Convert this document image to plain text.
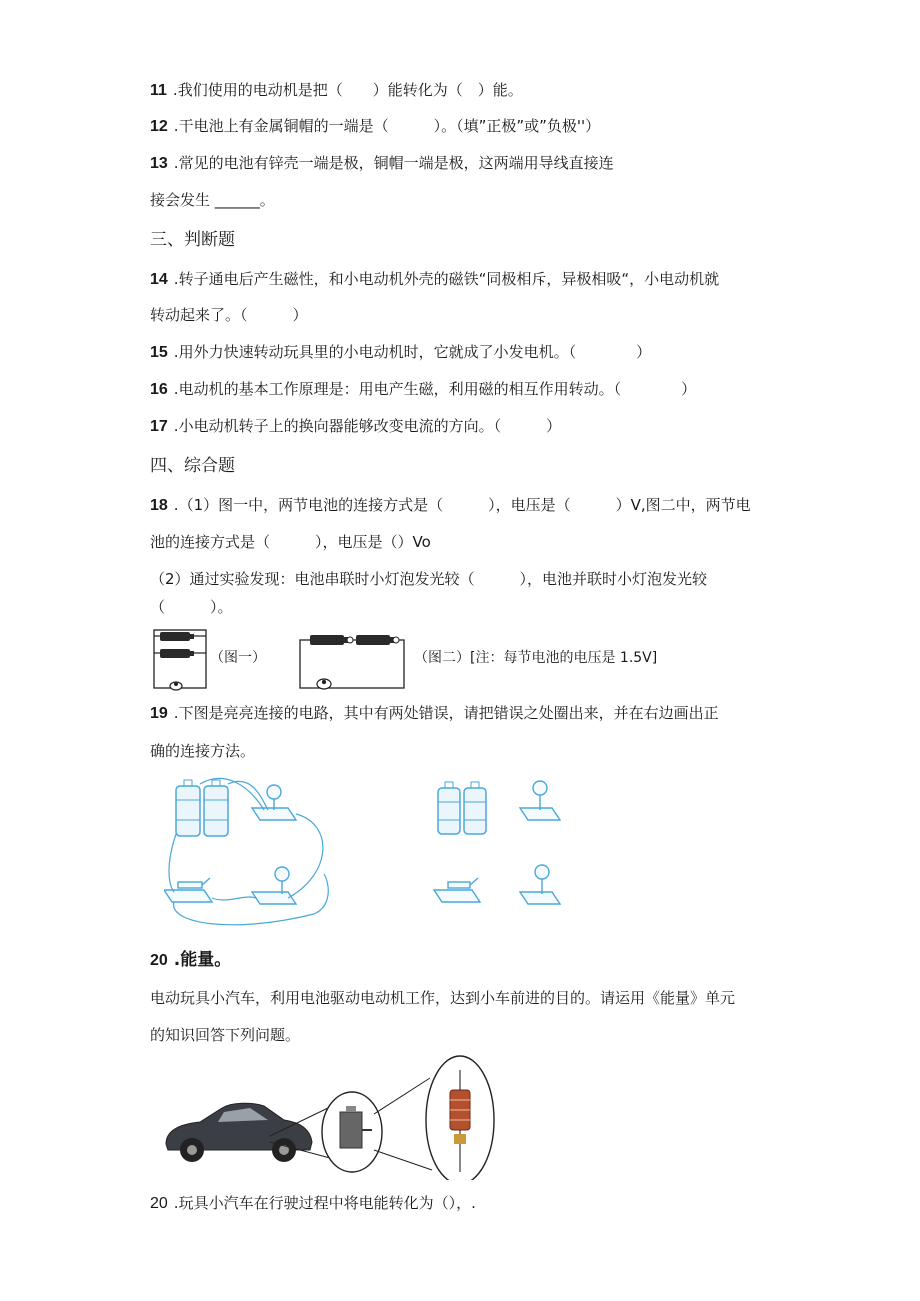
11 .我们使用的电动机是把（　　）能转化为（　）能。
12 .干电池上有金属铜帽的一端是（　　　）。（填”正极”或”负极''）
13 .常见的电池有锌壳一端是极，铜帽一端是极，这两端用导线直接连
接会发生 ______。
三、判断题
14 .转子通电后产生磁性，和小电动机外壳的磁铁“同极相斥，异极相吸“，小电动机就
转动起来了。（　　　）
15 .用外力快速转动玩具里的小电动机时，它就成了小发电机。（　　　　）
16 .电动机的基本工作原理是：用电产生磁，利用磁的相互作用转动。（　　　　）
17 .小电动机转子上的换向器能够改变电流的方向。（　　　）
四、综合题
18 .（1）图一中，两节电池的连接方式是（　　　），电压是（　　　）V,图二中，两节电
池的连接方式是（　　　），电压是（）Vo
（2）通过实验发现：电池串联时小灯泡发光较（　　　），电池并联时小灯泡发光较
（　　　）。
（图一）	（图二）[注：每节电池的电压是 1.5V]
19 .下图是亮亮连接的电路，其中有两处错误，请把错误之处圈出来，并在右边画出正
确的连接方法。
20 .能量。
电动玩具小汽车，利用电池驱动电动机工作，达到小车前进的目的。请运用《能量》单元
的知识回答下列问题。
20 .玩具小汽车在行驶过程中将电能转化为（），.
